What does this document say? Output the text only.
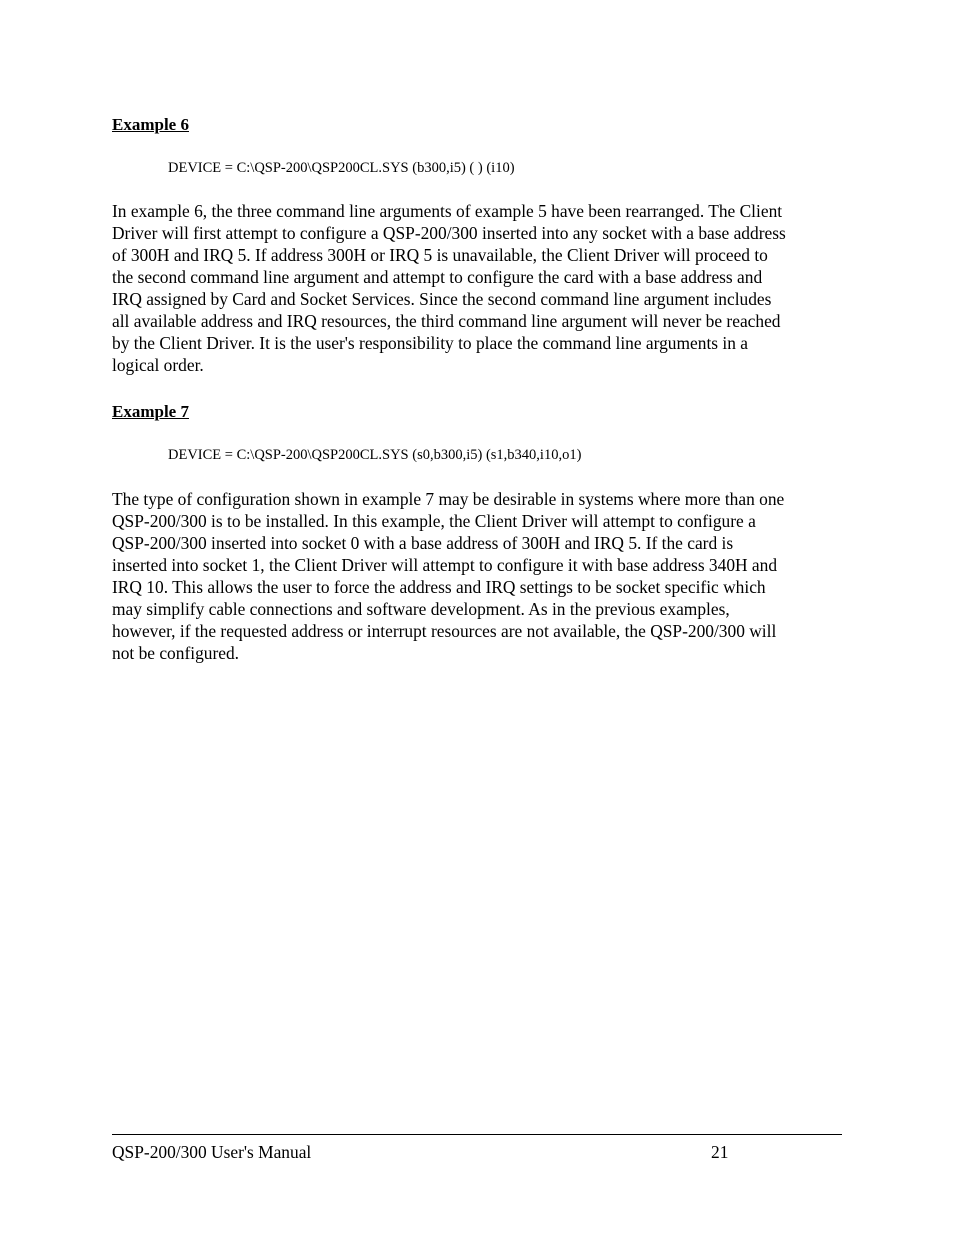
Example 6

DEVICE = C:\QSP-200\QSP200CL.SYS (b300,i5) ( ) (i10)

In example 6, the three command line arguments of example 5 have been rearranged. The Client
Driver will first attempt to configure a QSP-200/300 inserted into any socket with a base address
of 300H and IRQ 5. If address 300H or IRQ 5 is unavailable, the Client Driver will proceed to
the second command line argument and attempt to configure the card with a base address and
IRQ assigned by Card and Socket Services. Since the second command line argument includes
all available address and IRQ resources, the third command line argument will never be reached
by the Client Driver. It is the user's responsibility to place the command line arguments in a
logical order.

Example 7

DEVICE = C:\QSP-200\QSP200CL.SYS (s0,b300,i5) (s1,b340,i10,o1)

The type of configuration shown in example 7 may be desirable in systems where more than one
QSP-200/300 is to be installed. In this example, the Client Driver will attempt to configure a
QSP-200/300 inserted into socket 0 with a base address of 300H and IRQ 5. If the card is
inserted into socket 1, the Client Driver will attempt to configure it with base address 340H and
IRQ 10. This allows the user to force the address and IRQ settings to be socket specific which
may simplify cable connections and software development. As in the previous examples,
however, if the requested address or interrupt resources are not available, the QSP-200/300 will
not be configured.

QSP-200/300 User's Manual	21
